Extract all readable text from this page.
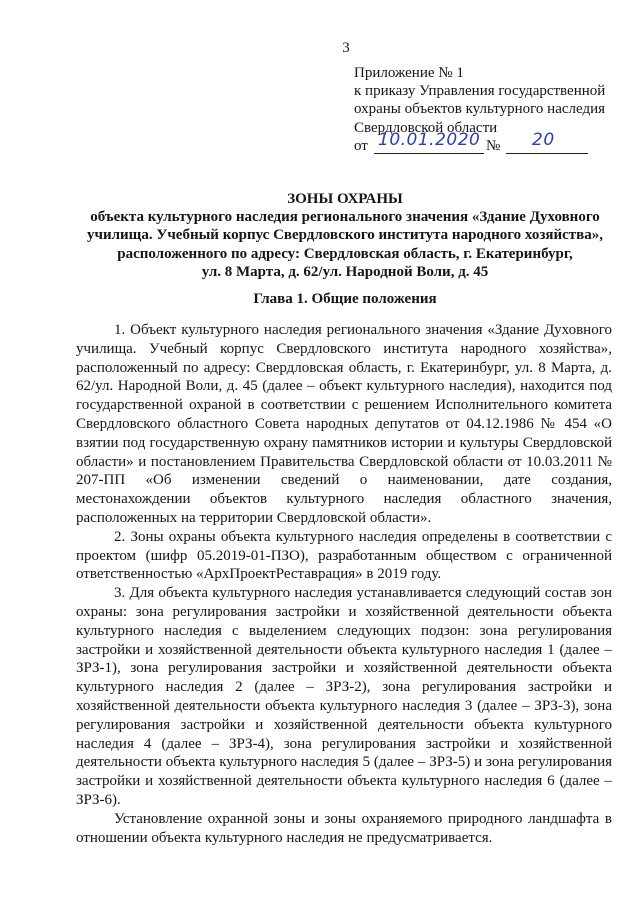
3
Приложение № 1
к приказу Управления государственной
охраны объектов культурного наследия
Свердловской области
от 10.01.2020 № 20
ЗОНЫ ОХРАНЫ
объекта культурного наследия регионального значения «Здание Духовного
училища. Учебный корпус Свердловского института народного хозяйства»,
расположенного по адресу: Свердловская область, г. Екатеринбург,
ул. 8 Марта, д. 62/ул. Народной Воли, д. 45
Глава 1. Общие положения

1. Объект культурного наследия регионального значения «Здание Духовного училища. Учебный корпус Свердловского института народного хозяйства», расположенный по адресу: Свердловская область, г. Екатеринбург, ул. 8 Марта, д. 62/ул. Народной Воли, д. 45 (далее – объект культурного наследия), находится под государственной охраной в соответствии с решением Исполнительного комитета Свердловского областного Совета народных депутатов от 04.12.1986 № 454 «О взятии под государственную охрану памятников истории и культуры Свердловской области» и постановлением Правительства Свердловской области от 10.03.2011 № 207-ПП «Об изменении сведений о наименовании, дате создания, местонахождении объектов культурного наследия областного значения, расположенных на территории Свердловской области».

2. Зоны охраны объекта культурного наследия определены в соответствии с проектом (шифр 05.2019-01-ПЗО), разработанным обществом с ограниченной ответственностью «АрхПроектРеставрация» в 2019 году.

3. Для объекта культурного наследия устанавливается следующий состав зон охраны: зона регулирования застройки и хозяйственной деятельности объекта культурного наследия с выделением следующих подзон: зона регулирования застройки и хозяйственной деятельности объекта культурного наследия 1 (далее – ЗРЗ-1), зона регулирования застройки и хозяйственной деятельности объекта культурного наследия 2 (далее – ЗРЗ-2), зона регулирования застройки и хозяйственной деятельности объекта культурного наследия 3 (далее – ЗРЗ-3), зона регулирования застройки и хозяйственной деятельности объекта культурного наследия 4 (далее – ЗРЗ-4), зона регулирования застройки и хозяйственной деятельности объекта культурного наследия 5 (далее – ЗРЗ-5) и зона регулирования застройки и хозяйственной деятельности объекта культурного наследия 6 (далее – ЗРЗ-6).

Установление охранной зоны и зоны охраняемого природного ландшафта в отношении объекта культурного наследия не предусматривается.
